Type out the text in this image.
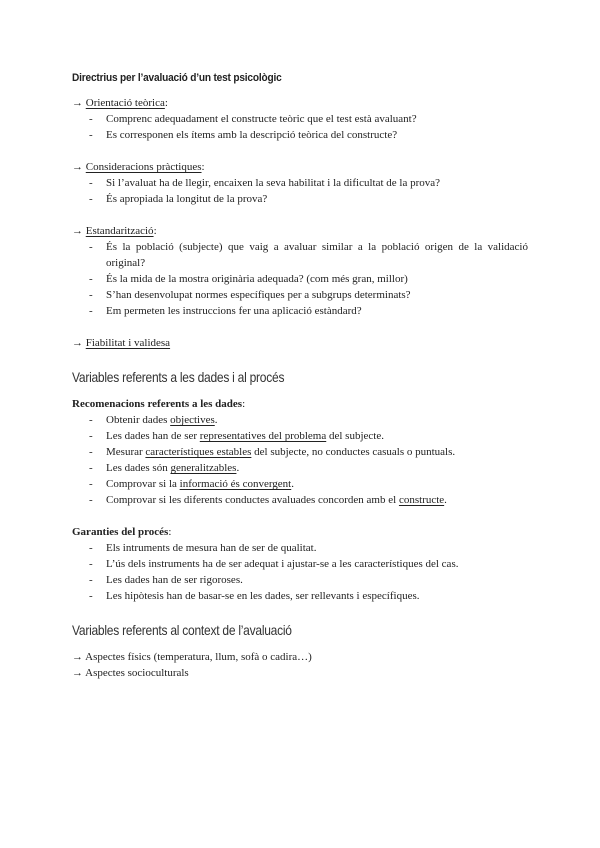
Directrius per l’avaluació d’un test psicològic

→ Orientació teòrica:

- Comprenc adequadament el constructe teòric que el test està avaluant?
- Es corresponen els ítems amb la descripció teòrica del constructe?

→ Consideracions pràctiques:

- Si l’avaluat ha de llegir, encaixen la seva habilitat i la dificultat de la prova?
- És apropiada la longitut de la prova?

→ Estandarització:

- És la població (subjecte) que vaig a avaluar similar a la població origen de la validació original?
- És la mida de la mostra originària adequada? (com més gran, millor)
- S’han desenvolupat normes específiques per a subgrups determinats?
- Em permeten les instruccions fer una aplicació estàndard?

→ Fiabilitat i validesa

Variables referents a les dades i al procés

Recomenacions referents a les dades:

- Obtenir dades objectives.
- Les dades han de ser representatives del problema del subjecte.
- Mesurar característiques estables del subjecte, no conductes casuals o puntuals.
- Les dades són generalitzables.
- Comprovar si la informació és convergent.
- Comprovar si les diferents conductes avaluades concorden amb el constructe.

Garanties del procés:

- Els intruments de mesura han de ser de qualitat.
- L’ús dels instruments ha de ser adequat i ajustar-se a les característiques del cas.
- Les dades han de ser rigoroses.
- Les hipòtesis han de basar-se en les dades, ser rellevants i específiques.

Variables referents al context de l’avaluació

→ Aspectes físics (temperatura, llum, sofà o cadira…)

→ Aspectes socioculturals
